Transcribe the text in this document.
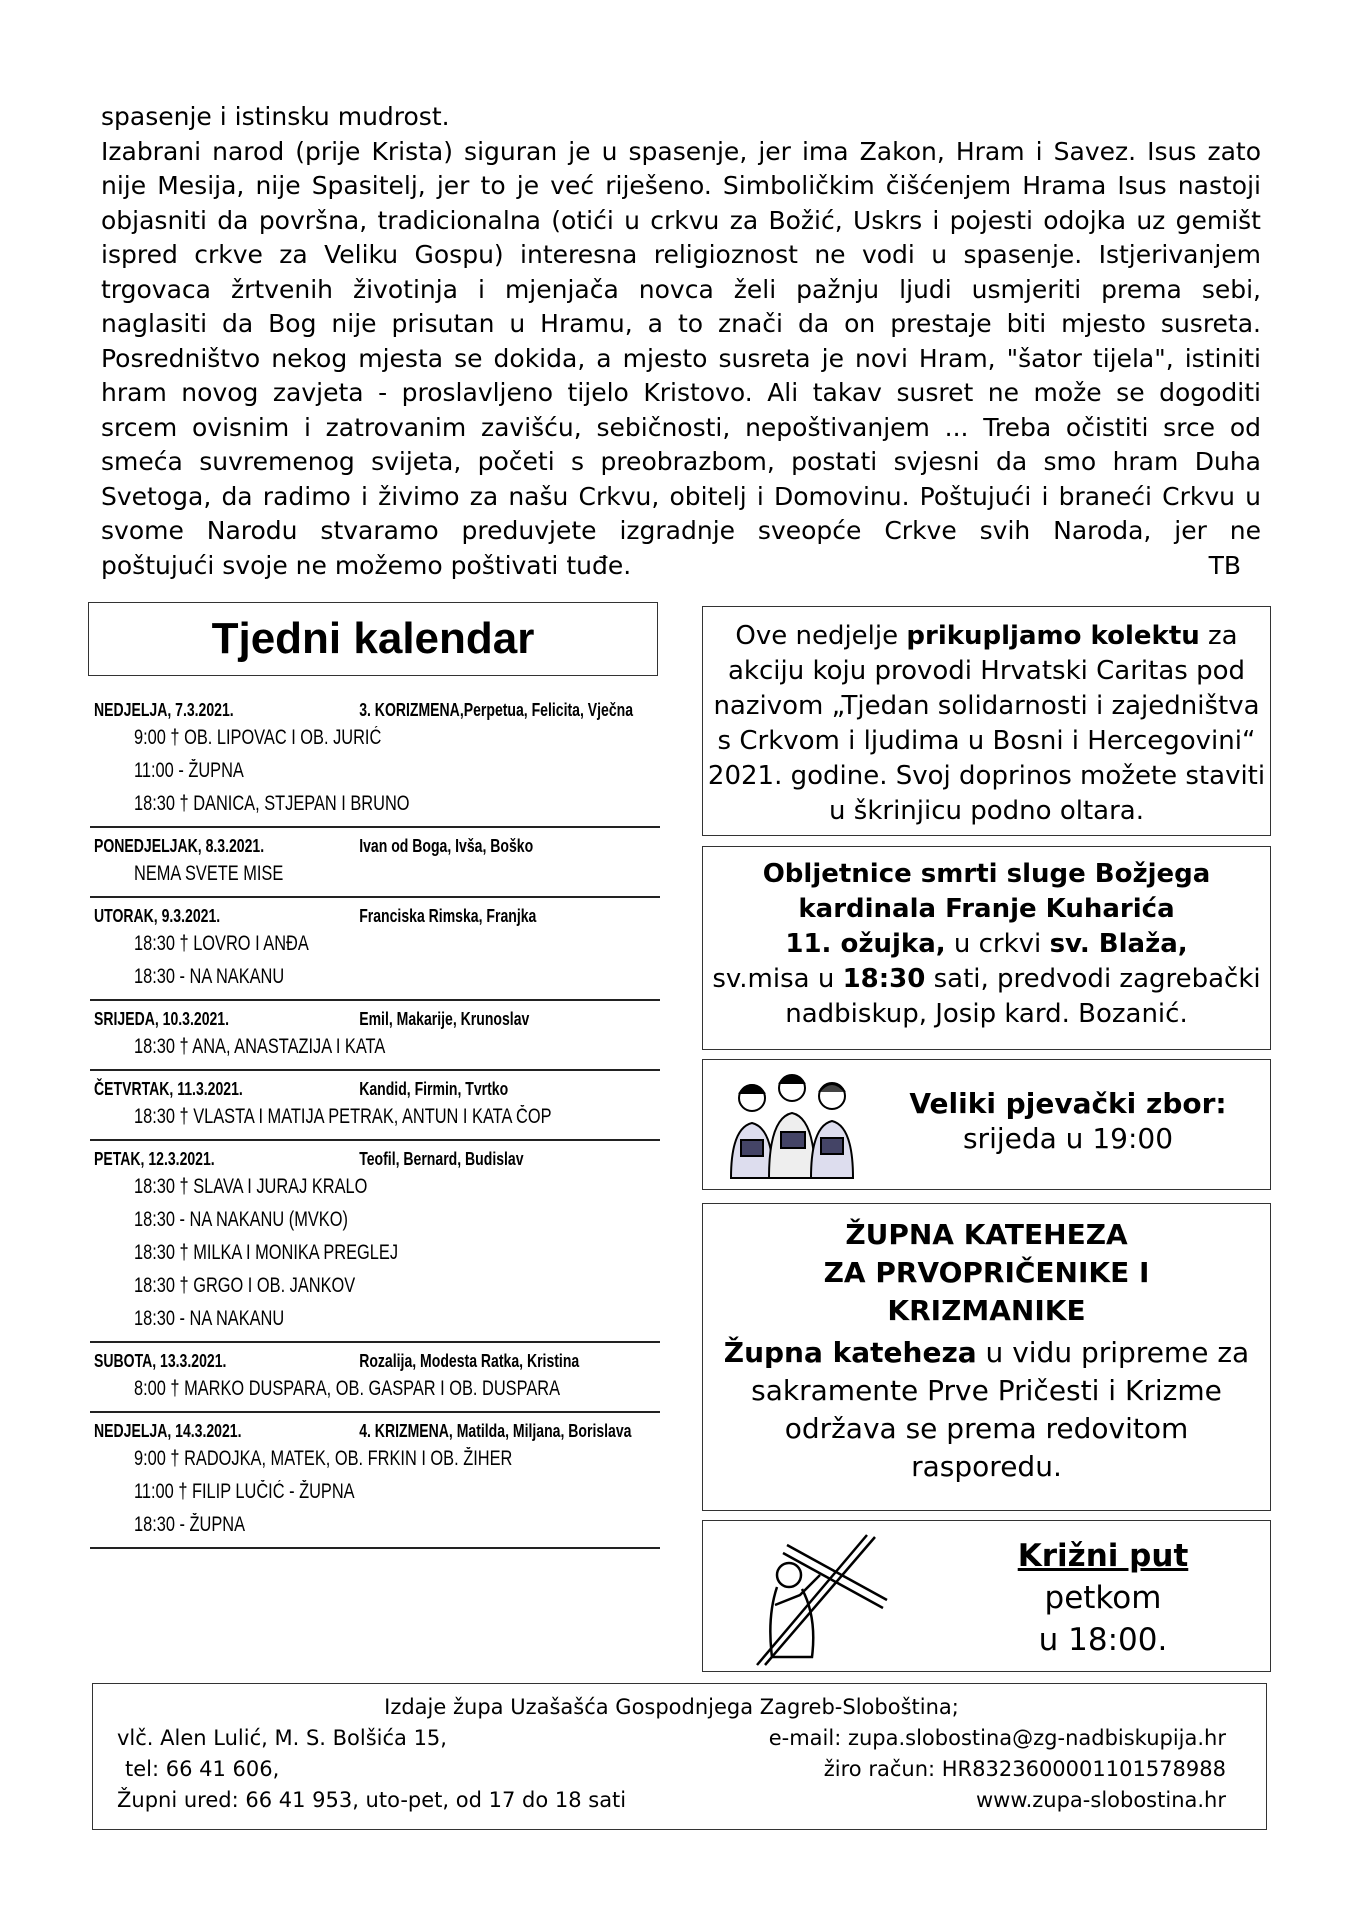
spasenje i istinsku mudrost.
Izabrani narod (prije Krista) siguran je u spasenje, jer ima Zakon, Hram i Savez. Isus zato
nije Mesija, nije Spasitelj, jer to je već riješeno. Simboličkim čišćenjem Hrama Isus nastoji
objasniti da površna, tradicionalna (otići u crkvu za Božić, Uskrs i pojesti odojka uz gemišt
ispred crkve za Veliku Gospu) interesna religioznost ne vodi u spasenje. Istjerivanjem
trgovaca žrtvenih životinja i mjenjača novca želi pažnju ljudi usmjeriti prema sebi,
naglasiti da Bog nije prisutan u Hramu, a to znači da on prestaje biti mjesto susreta.
Posredništvo nekog mjesta se dokida, a mjesto susreta je novi Hram, "šator tijela", istiniti
hram novog zavjeta - proslavljeno tijelo Kristovo. Ali takav susret ne može se dogoditi
srcem ovisnim i zatrovanim zavišću, sebičnosti, nepoštivanjem ... Treba očistiti srce od
smeća suvremenog svijeta, početi s preobrazbom, postati svjesni da smo hram Duha
Svetoga, da radimo i živimo za našu Crkvu, obitelj i Domovinu. Poštujući i braneći Crkvu u
svome Narodu stvaramo preduvjete izgradnje sveopće Crkve svih Naroda, jer ne

poštujući svoje ne možemo poštivati tuđe.	TB
Tjedni kalendar
NEDJELJA, 7.3.2021.	3. KORIZMENA,Perpetua, Felicita, Vječna
9:00 † OB. LIPOVAC I OB. JURIĆ
11:00 - ŽUPNA
18:30 † DANICA, STJEPAN I BRUNO
PONEDJELJAK, 8.3.2021.	Ivan od Boga, Ivša, Boško
NEMA SVETE MISE
UTORAK, 9.3.2021.	Franciska Rimska, Franjka
18:30 † LOVRO I ANĐA
18:30 - NA NAKANU
SRIJEDA, 10.3.2021.	Emil, Makarije, Krunoslav
18:30 † ANA, ANASTAZIJA I KATA
ČETVRTAK, 11.3.2021.	Kandid, Firmin, Tvrtko
18:30 † VLASTA I MATIJA PETRAK, ANTUN I KATA ČOP
PETAK, 12.3.2021.	Teofil, Bernard, Budislav
18:30 † SLAVA I JURAJ KRALO
18:30 - NA NAKANU (MVKO)
18:30 † MILKA I MONIKA PREGLEJ
18:30 † GRGO I OB. JANKOV
18:30 - NA NAKANU
SUBOTA, 13.3.2021.	Rozalija, Modesta Ratka, Kristina
8:00 † MARKO DUSPARA, OB. GASPAR I OB. DUSPARA
NEDJELJA, 14.3.2021.	4. KRIZMENA, Matilda, Miljana, Borislava
9:00 † RADOJKA, MATEK, OB. FRKIN I OB. ŽIHER
11:00 † FILIP LUČIĆ - ŽUPNA
18:30 - ŽUPNA
Ove nedjelje prikupljamo kolektu za akciju koju provodi Hrvatski Caritas pod nazivom „Tjedan solidarnosti i zajedništva s Crkvom i ljudima u Bosni i Hercegovini“ 2021. godine. Svoj doprinos možete staviti u škrinjicu podno oltara.
Obljetnice smrti sluge Božjega
kardinala Franje Kuharića
11. ožujka, u crkvi sv. Blaža,
sv.misa u 18:30 sati, predvodi zagrebački
nadbiskup, Josip kard. Bozanić.
Veliki pjevački zbor:
srijeda u 19:00
ŽUPNA KATEHEZA
ZA PRVOPRIČENIKE I
KRIZMANIKE
Župna kateheza u vidu pripreme za sakramente Prve Pričesti i Krizme održava se prema redovitom rasporedu.
Križni put
petkom
u 18:00.
Izdaje župa Uzašašća Gospodnjega Zagreb-Sloboština;
vlč. Alen Lulić, M. S. Bolšića 15,	e-mail: zupa.slobostina@zg-nadbiskupija.hr
tel: 66 41 606,	žiro račun: HR8323600001101578988
Župni ured: 66 41 953, uto-pet, od 17 do 18 sati	www.zupa-slobostina.hr
